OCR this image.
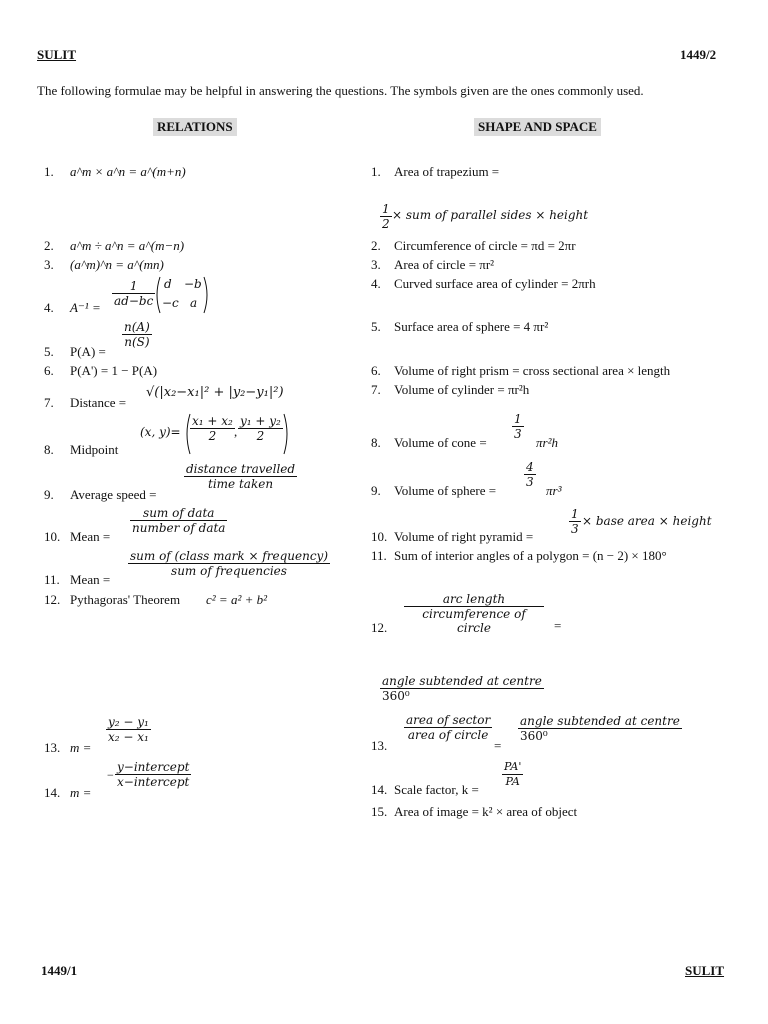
SULIT	1449/2
The following formulae may be helpful in answering the questions. The symbols given are the ones commonly used.
RELATIONS	SHAPE AND SPACE
1. a^m × a^n = a^(m+n)
2. a^m ÷ a^n = a^(m−n)
3. (a^m)^n = a^(mn)
4. $A^{-1} = \frac{1}{ad-bc}$ d −b
−c a
5. P(A) =
$\frac{n(A)}{n(S)}$
6. P(A') = 1 − P(A)
7. Distance =
√(|x₂−x₁|² + |y₂−y₁|²)
8. Midpoint
(x, $y)= \frac{\text{x₁ + x₂}}{2}$ , $\frac{\text{y₁ + y₂}}{2}$
9. Average speed =
distance travelled
time taken
10. Mean =
sum of data
number of data
11. Mean =
sum of (class mark × frequency)
sum of frequencies
12. Pythagoras' Theorem c² = a² + b²
13. m =
$\frac{\text{y₂ − y₁}}{\text{x₂ − x₁}}$
14. m =
−
y−intercept
x−intercept
1. Area of trapezium =
$\frac{1}{2}$ × sum of parallel sides × height
2. Circumference of circle = πd = 2πr
3. Area of circle = πr²
4. Curved surface area of cylinder = 2πrh
5. Surface area of sphere = 4 πr²
6. Volume of right prism = cross sectional area × length
7. Volume of cylinder = πr²h
8. Volume of cone =
$\frac{1}{3}$
πr²h
9. Volume of sphere =
$\frac{4}{3}$
πr³
10. Volume of right pyramid =
$\frac{1}{3}$ × base area × height
11. Sum of interior angles of a polygon = (n − 2) × 180°
arc length
circumference of circle
12.	=
angle subtended at centre
360⁰
13.
area of sector
area of circle
=
angle subtended at centre
360⁰
14. Scale factor, k =
$\frac{PA'}{PA}$
15. Area of image = k² × area of object
1449/1	SULIT
